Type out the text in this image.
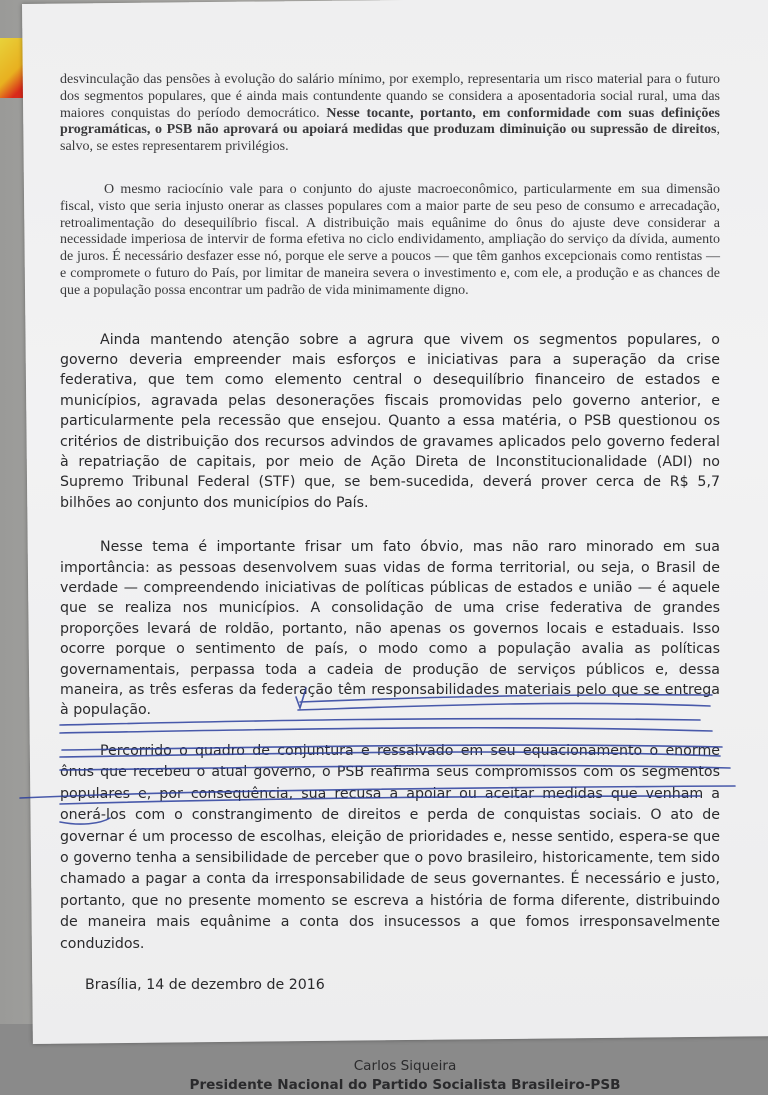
desvinculação das pensões à evolução do salário mínimo, por exemplo, representaria um risco material para o futuro dos segmentos populares, que é ainda mais contundente quando se considera a aposentadoria social rural, uma das maiores conquistas do período democrático. Nesse tocante, portanto, em conformidade com suas definições programáticas, o PSB não aprovará ou apoiará medidas que produzam diminuição ou supressão de direitos, salvo, se estes representarem privilégios.

O mesmo raciocínio vale para o conjunto do ajuste macroeconômico, particularmente em sua dimensão fiscal, visto que seria injusto onerar as classes populares com a maior parte de seu peso de consumo e arrecadação, retroalimentação do desequilíbrio fiscal. A distribuição mais equânime do ônus do ajuste deve considerar a necessidade imperiosa de intervir de forma efetiva no ciclo endividamento, ampliação do serviço da dívida, aumento de juros. É necessário desfazer esse nó, porque ele serve a poucos — que têm ganhos excepcionais como rentistas — e compromete o futuro do País, por limitar de maneira severa o investimento e, com ele, a produção e as chances de que a população possa encontrar um padrão de vida minimamente digno.

Ainda mantendo atenção sobre a agrura que vivem os segmentos populares, o governo deveria empreender mais esforços e iniciativas para a superação da crise federativa, que tem como elemento central o desequilíbrio financeiro de estados e municípios, agravada pelas desonerações fiscais promovidas pelo governo anterior, e particularmente pela recessão que ensejou. Quanto a essa matéria, o PSB questionou os critérios de distribuição dos recursos advindos de gravames aplicados pelo governo federal à repatriação de capitais, por meio de Ação Direta de Inconstitucionalidade (ADI) no Supremo Tribunal Federal (STF) que, se bem-sucedida, deverá prover cerca de R$ 5,7 bilhões ao conjunto dos municípios do País.

Nesse tema é importante frisar um fato óbvio, mas não raro minorado em sua importância: as pessoas desenvolvem suas vidas de forma territorial, ou seja, o Brasil de verdade — compreendendo iniciativas de políticas públicas de estados e união — é aquele que se realiza nos municípios. A consolidação de uma crise federativa de grandes proporções levará de roldão, portanto, não apenas os governos locais e estaduais. Isso ocorre porque o sentimento de país, o modo como a população avalia as políticas governamentais, perpassa toda a cadeia de produção de serviços públicos e, dessa maneira, as três esferas da federação têm responsabilidades materiais pelo que se entrega à população.

Percorrido o quadro de conjuntura e ressalvado em seu equacionamento o enorme ônus que recebeu o atual governo, o PSB reafirma seus compromissos com os segmentos populares e, por consequência, sua recusa a apoiar ou aceitar medidas que venham a onerá-los com o constrangimento de direitos e perda de conquistas sociais. O ato de governar é um processo de escolhas, eleição de prioridades e, nesse sentido, espera-se que o governo tenha a sensibilidade de perceber que o povo brasileiro, historicamente, tem sido chamado a pagar a conta da irresponsabilidade de seus governantes. É necessário e justo, portanto, que no presente momento se escreva a história de forma diferente, distribuindo de maneira mais equânime a conta dos insucessos a que fomos irresponsavelmente conduzidos.

Brasília, 14 de dezembro de 2016
Carlos Siqueira
Presidente Nacional do Partido Socialista Brasileiro-PSB
